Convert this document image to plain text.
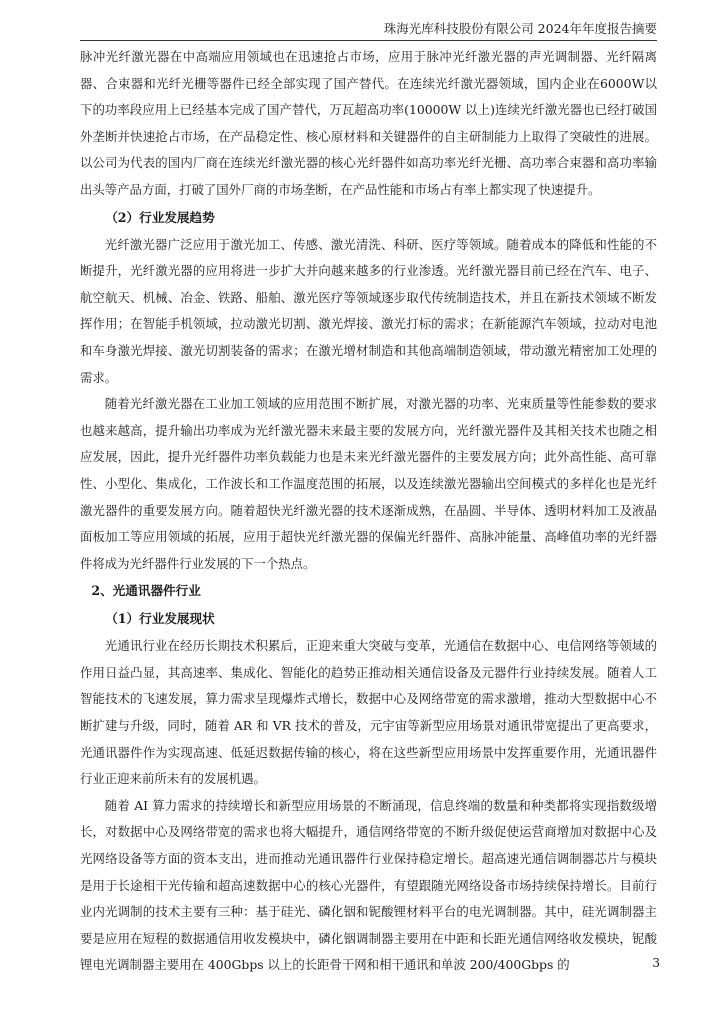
珠海光库科技股份有限公司 2024年年度报告摘要

脉冲光纤激光器在中高端应用领域也在迅速抢占市场，应用于脉冲光纤激光器的声光调制器、光纤隔离器、合束器和光纤光栅等器件已经全部实现了国产替代。在连续光纤激光器领域，国内企业在6000W以下的功率段应用上已经基本完成了国产替代，万瓦超高功率(10000W 以上)连续光纤激光器也已经打破国外垄断并快速抢占市场，在产品稳定性、核心原材料和关键器件的自主研制能力上取得了突破性的进展。以公司为代表的国内厂商在连续光纤激光器的核心光纤器件如高功率光纤光栅、高功率合束器和高功率输出头等产品方面，打破了国外厂商的市场垄断，在产品性能和市场占有率上都实现了快速提升。

（2）行业发展趋势

光纤激光器广泛应用于激光加工、传感、激光清洗、科研、医疗等领域。随着成本的降低和性能的不断提升，光纤激光器的应用将进一步扩大并向越来越多的行业渗透。光纤激光器目前已经在汽车、电子、航空航天、机械、冶金、铁路、船舶、激光医疗等领域逐步取代传统制造技术，并且在新技术领域不断发挥作用；在智能手机领域，拉动激光切割、激光焊接、激光打标的需求；在新能源汽车领域，拉动对电池和车身激光焊接、激光切割装备的需求；在激光增材制造和其他高端制造领域，带动激光精密加工处理的需求。

随着光纤激光器在工业加工领域的应用范围不断扩展，对激光器的功率、光束质量等性能参数的要求也越来越高，提升输出功率成为光纤激光器未来最主要的发展方向，光纤激光器件及其相关技术也随之相应发展，因此，提升光纤器件功率负载能力也是未来光纤激光器件的主要发展方向；此外高性能、高可靠性、小型化、集成化，工作波长和工作温度范围的拓展，以及连续激光器输出空间模式的多样化也是光纤激光器件的重要发展方向。随着超快光纤激光器的技术逐渐成熟，在晶圆、半导体、透明材料加工及液晶面板加工等应用领域的拓展，应用于超快光纤激光器的保偏光纤器件、高脉冲能量、高峰值功率的光纤器件将成为光纤器件行业发展的下一个热点。

2、光通讯器件行业

（1）行业发展现状

光通讯行业在经历长期技术积累后，正迎来重大突破与变革，光通信在数据中心、电信网络等领域的作用日益凸显，其高速率、集成化、智能化的趋势正推动相关通信设备及元器件行业持续发展。随着人工智能技术的飞速发展，算力需求呈现爆炸式增长，数据中心及网络带宽的需求激增，推动大型数据中心不断扩建与升级，同时，随着 AR 和 VR 技术的普及，元宇宙等新型应用场景对通讯带宽提出了更高要求，光通讯器件作为实现高速、低延迟数据传输的核心，将在这些新型应用场景中发挥重要作用，光通讯器件行业正迎来前所未有的发展机遇。

随着 AI 算力需求的持续增长和新型应用场景的不断涌现，信息终端的数量和种类都将实现指数级增长，对数据中心及网络带宽的需求也将大幅提升，通信网络带宽的不断升级促使运营商增加对数据中心及光网络设备等方面的资本支出，进而推动光通讯器件行业保持稳定增长。超高速光通信调制器芯片与模块是用于长途相干光传输和超高速数据中心的核心光器件，有望跟随光网络设备市场持续保持增长。目前行业内光调制的技术主要有三种：基于硅光、磷化铟和铌酸锂材料平台的电光调制器。其中，硅光调制器主要是应用在短程的数据通信用收发模块中，磷化铟调制器主要用在中距和长距光通信网络收发模块，铌酸锂电光调制器主要用在 400Gbps 以上的长距骨干网和相干通讯和单波 200/400Gbps 的	3
